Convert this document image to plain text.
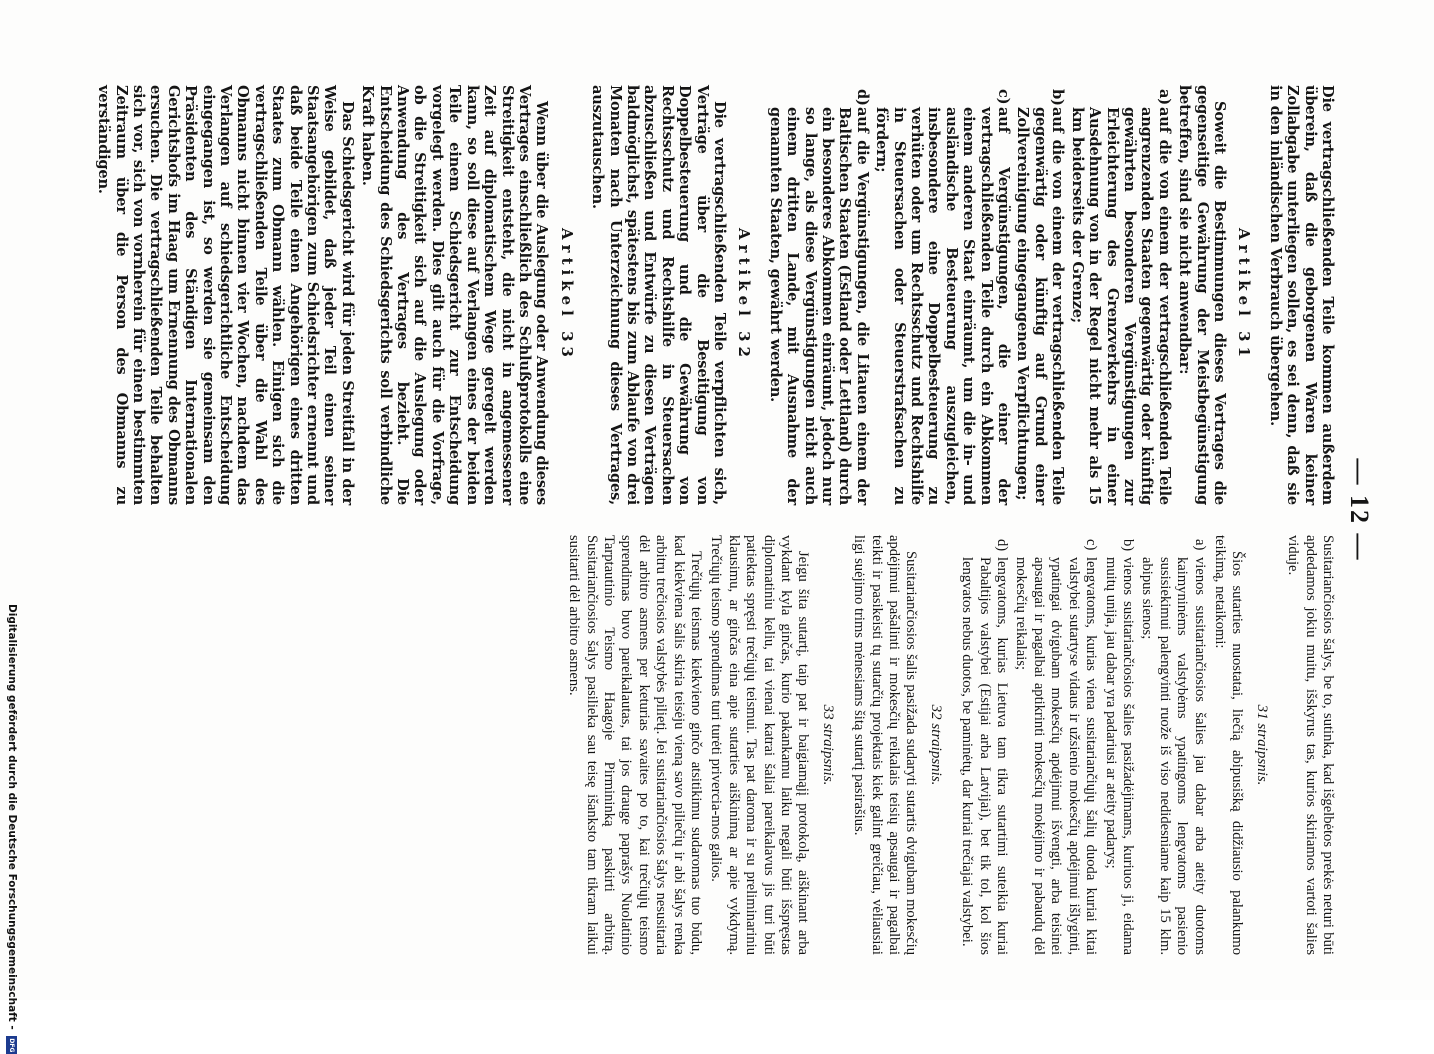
— 12 —

Die vertragschließenden Teile kommen außerdem überein, daß die geborgenen Waren keiner Zollabgabe unterliegen sollen, es sei denn, daß sie in den inländischen Verbrauch übergehen.

Artikel 31

Soweit die Bestimmungen dieses Vertrages die gegenseitige Gewährung der Meistbegünstigung betreffen, sind sie nicht anwendbar:

a)auf die von einem der vertragschließenden Teile angrenzenden Staaten gegenwärtig oder künftig gewährten besonderen Vergünstigungen zur Erleichterung des Grenzverkehrs in einer Ausdehnung von in der Regel nicht mehr als 15 km beiderseits der Grenze;
b)auf die von einem der vertragschließenden Teile gegenwärtig oder künftig auf Grund einer Zollvereinigung eingegangenen Verpflichtungen;
c)auf Vergünstigungen, die einer der vertragschließenden Teile durch ein Abkommen einem anderen Staat einräumt, um die in- und ausländische Besteuerung auszugleichen, insbesondere eine Doppelbesteuerung zu verhüten oder um Rechtsschutz und Rechtshilfe in Steuersachen oder Steuerstrafsachen zu fördern;
d)auf die Vergünstigungen, die Litauen einem der Baltischen Staaten (Estland oder Lettland) durch ein besonderes Abkommen einräumt, jedoch nur so lange, als diese Vergünstigungen nicht auch einem dritten Lande, mit Ausnahme der genannten Staaten, gewährt werden.
Artikel 32

Die vertragschließenden Teile verpflichten sich, Verträge über die Beseitigung von Doppelbesteuerung und die Gewährung von Rechtsschutz und Rechtshilfe in Steuersachen abzuschließen und Entwürfe zu diesen Verträgen baldmöglichst, spätestens bis zum Ablaufe von drei Monaten nach Unterzeichnung dieses Vertrages, auszutauschen.

Artikel 33

Wenn über die Auslegung oder Anwendung dieses Vertrages einschließlich des Schlußprotokolls eine Streitigkeit entsteht, die nicht in angemessener Zeit auf diplomatischem Wege geregelt werden kann, so soll diese auf Verlangen eines der beiden Teile einem Schiedsgericht zur Entscheidung vorgelegt werden. Dies gilt auch für die Vorfrage, ob die Streitigkeit sich auf die Auslegung oder Anwendung des Vertrages bezieht. Die Entscheidung des Schiedsgerichts soll verbindliche Kraft haben.

Das Schiedsgericht wird für jeden Streitfall in der Weise gebildet, daß jeder Teil einen seiner Staatsangehörigen zum Schiedsrichter ernennt und daß beide Teile einen Angehörigen eines dritten Staates zum Obmann wählen. Einigen sich die vertragschließenden Teile über die Wahl des Obmanns nicht binnen vier Wochen, nachdem das Verlangen auf schiedsgerichtliche Entscheidung eingegangen ist, so werden sie gemeinsam den Präsidenten des Ständigen Internationalen Gerichtshofs im Haag um Ernennung des Obmanns ersuchen. Die vertragschließenden Teile behalten sich vor, sich von vornherein für einen bestimmten Zeitraum über die Person des Obmanns zu verständigen.

Susitariančiosios šalys, be to, sutinka, kad išgelbėtos prekės neturi būti apdedamos jokiu muitu, išskyrus tas, kurios skiriamos vartoti šalies viduje.

31 straipsnis.

Šios sutarties nuostatai, liečią abipusišką didžiausio palankumo teikimą, netaikomi:

a)vienos susitariančiosios šalies jau dabar arba ateity duotoms kaimyninėms valstybėms ypatingoms lengvatoms pasienio susisiekimui palengvinti ruože iš viso nedidesniame kaip 15 klm. abipus sienos;
b)vienos susitariančiosios šalies pasižadėjimams, kuriuos ji, eidama muitų unija, jau dabar yra padariusi ar ateity padarys;
c)lengvatoms, kurias viena susitariančiųjų šalių duoda kuriai kitai valstybei sutartyse vidaus ir užsienio mokesčių apdėjimui išlyginti, ypatingai dvigubam mokesčių apdėjimui išvengti, arba teisinei apsaugai ir pagalbai aptikrinti mokesčių mokėjimo ir pabaudų dėl mokesčių reikalais;
d)lengvatoms, kurias Lietuva tam tikra sutartimi suteikia kuriai Pabaltijos valstybei (Estijai arba Latvijai), bet tik tol, kol šios lengvatos nebus duotos, be paminėtų, dar kuriai trečiajai valstybei.
32 straipsnis.

Susitariančiosios šalis pasižada sudaryti sutartis dvigubam mokesčių apdėjimui pašalinti ir mokesčių reikalais teisių apsaugai ir pagalbai teikti ir pasikeisti tų sutarčių projektais kiek galint greičiau, vėliausiai ligi suėjimo trims mėnesiams šitą sutartį pasirašius.

33 straipsnis.

Jeigu šita sutartį, taip pat ir baigiamąjį protokolą, aiškinant arba vykdant kyla ginčas, kurio pakankamu laiku negali būti išspręstas diplomatiniu keliu, tai vienai katrai šaliai pareikalavus jis turi būti patiektas spręsti trečiųjų teismui. Tas pat daroma ir su preliminariniu klausimu, ar ginčas eina apie sutarties aiškinimą ar apie vykdymą. Trečiųjų teismo sprendimas turi turėti privercia-mos galios.

Trečiųjų teismas kiekvieno ginčo atsitikimu sudaromas tuo būdu, kad kiekviena šalis skiria teisėju vieną savo piliečių ir abi šalys renka arbitru trečiosios valstybės pilietį. Jei susitariančiosios šalys nesusitaria dėl arbitro asmens per keturias savaites po to, kai trečiųjų teismo sprendimas buvo pareikalautas, tai jos drauge paprašys Nuolatinio Tarptautinio Teismo Haagoje Pirmininką paskirti arbitrą. Susitariančiosios šalys pasilieka sau teisę išanksto tam tikram laikui susitarti dėl arbitro asmens.

Digitalisierung gefördert durch die Deutsche Forschungsgemeinschaft - DFG
